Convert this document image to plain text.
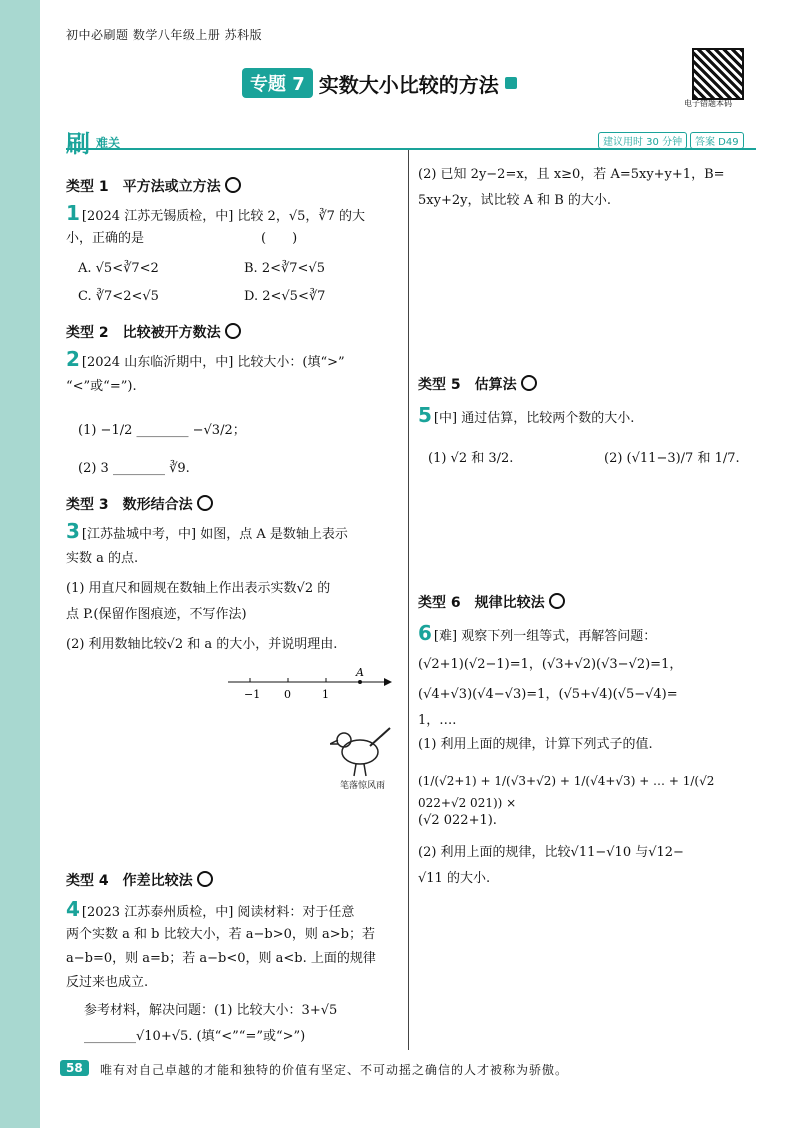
初中必刷题 数学八年级上册 苏科版
专题 7 实数大小比较的方法
电子错题本码
刷 难关	建议用时 30 分钟	答案 D49
类型 1　平方法或立方法
1 [2024 江苏无锡质检，中] 比较 2，√5，∛7 的大
小，正确的是　　　　　　　　　(　　)
A. √5<∛7<2	B. 2<∛7<√5
C. ∛7<2<√5	D. 2<√5<∛7
类型 2　比较被开方数法
2 [2024 山东临沂期中，中] 比较大小：(填“>”
“<”或“=”).
(1) −1/2 ________ −√3/2；
(2) 3 ________ ∛9.
类型 3　数形结合法
3 [江苏盐城中考，中] 如图，点 A 是数轴上表示
实数 a 的点.
(1) 用直尺和圆规在数轴上作出表示实数√2 的
点 P.(保留作图痕迹，不写作法)
(2) 利用数轴比较√2 和 a 的大小，并说明理由.
−1 0	1
A
笔落惊风雨
类型 4　作差比较法
4 [2023 江苏泰州质检，中] 阅读材料：对于任意
两个实数 a 和 b 比较大小，若 a−b>0，则 a>b；若
a−b=0，则 a=b；若 a−b<0，则 a<b. 上面的规律
反过来也成立.
参考材料，解决问题：(1) 比较大小：3+√5
________√10+√5. (填“<”“=”或“>”)
(2) 已知 2y−2=x，且 x≥0，若 A=5xy+y+1，B=
5xy+2y，试比较 A 和 B 的大小.
类型 5　估算法
5 [中] 通过估算，比较两个数的大小.
(1) √2 和 3/2.	(2) (√11−3)/7 和 1/7.
类型 6　规律比较法
6 [难] 观察下列一组等式，再解答问题：
(√2+1)(√2−1)=1，(√3+√2)(√3−√2)=1，
(√4+√3)(√4−√3)=1，(√5+√4)(√5−√4)=
1，….
(1) 利用上面的规律，计算下列式子的值.
(1/(√2+1) + 1/(√3+√2) + 1/(√4+√3) + … + 1/(√2 022+√2 021)) ×
(√2 022+1).
(2) 利用上面的规律，比较√11−√10 与√12−
√11 的大小.
58	唯有对自己卓越的才能和独特的价值有坚定、不可动摇之确信的人才被称为骄傲。
